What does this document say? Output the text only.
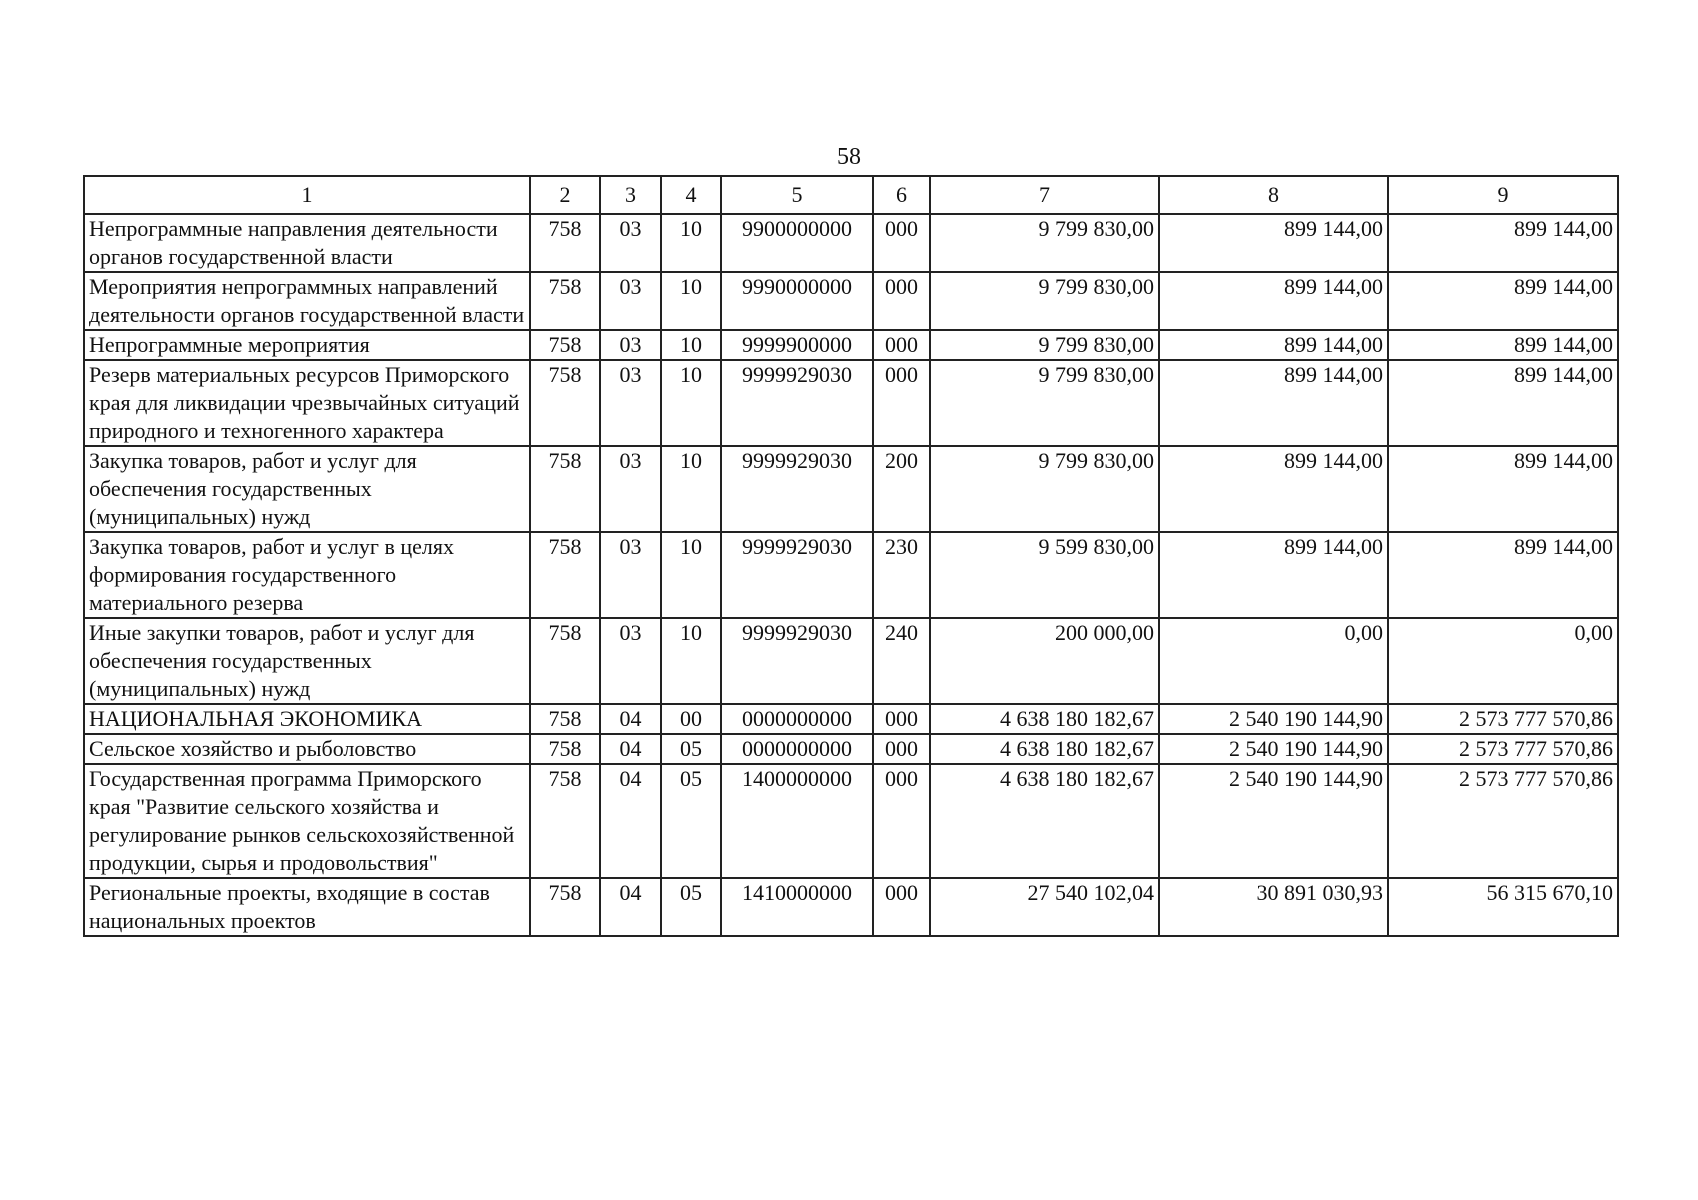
58
1	2	3	4	5	6	7	8	9
Непрограммные направления деятельности органов государственной власти	758	03	10	9900000000	000	9 799 830,00	899 144,00	899 144,00
Мероприятия непрограммных направлений деятельности органов государственной власти	758	03	10	9990000000	000	9 799 830,00	899 144,00	899 144,00
Непрограммные мероприятия	758	03	10	9999900000	000	9 799 830,00	899 144,00	899 144,00
Резерв материальных ресурсов Приморского края для ликвидации чрезвычайных ситуаций природного и техногенного характера	758	03	10	9999929030	000	9 799 830,00	899 144,00	899 144,00
Закупка товаров, работ и услуг для обеспечения государственных (муниципальных) нужд	758	03	10	9999929030	200	9 799 830,00	899 144,00	899 144,00
Закупка товаров, работ и услуг в целях формирования государственного материального резерва	758	03	10	9999929030	230	9 599 830,00	899 144,00	899 144,00
Иные закупки товаров, работ и услуг для обеспечения государственных (муниципальных) нужд	758	03	10	9999929030	240	200 000,00	0,00	0,00
НАЦИОНАЛЬНАЯ ЭКОНОМИКА	758	04	00	0000000000	000	4 638 180 182,67	2 540 190 144,90	2 573 777 570,86
Сельское хозяйство и рыболовство	758	04	05	0000000000	000	4 638 180 182,67	2 540 190 144,90	2 573 777 570,86
Государственная программа Приморского края "Развитие сельского хозяйства и регулирование рынков сельскохозяйственной продукции, сырья и продовольствия"	758	04	05	1400000000	000	4 638 180 182,67	2 540 190 144,90	2 573 777 570,86
Региональные проекты, входящие в состав национальных проектов	758	04	05	1410000000	000	27 540 102,04	30 891 030,93	56 315 670,10
